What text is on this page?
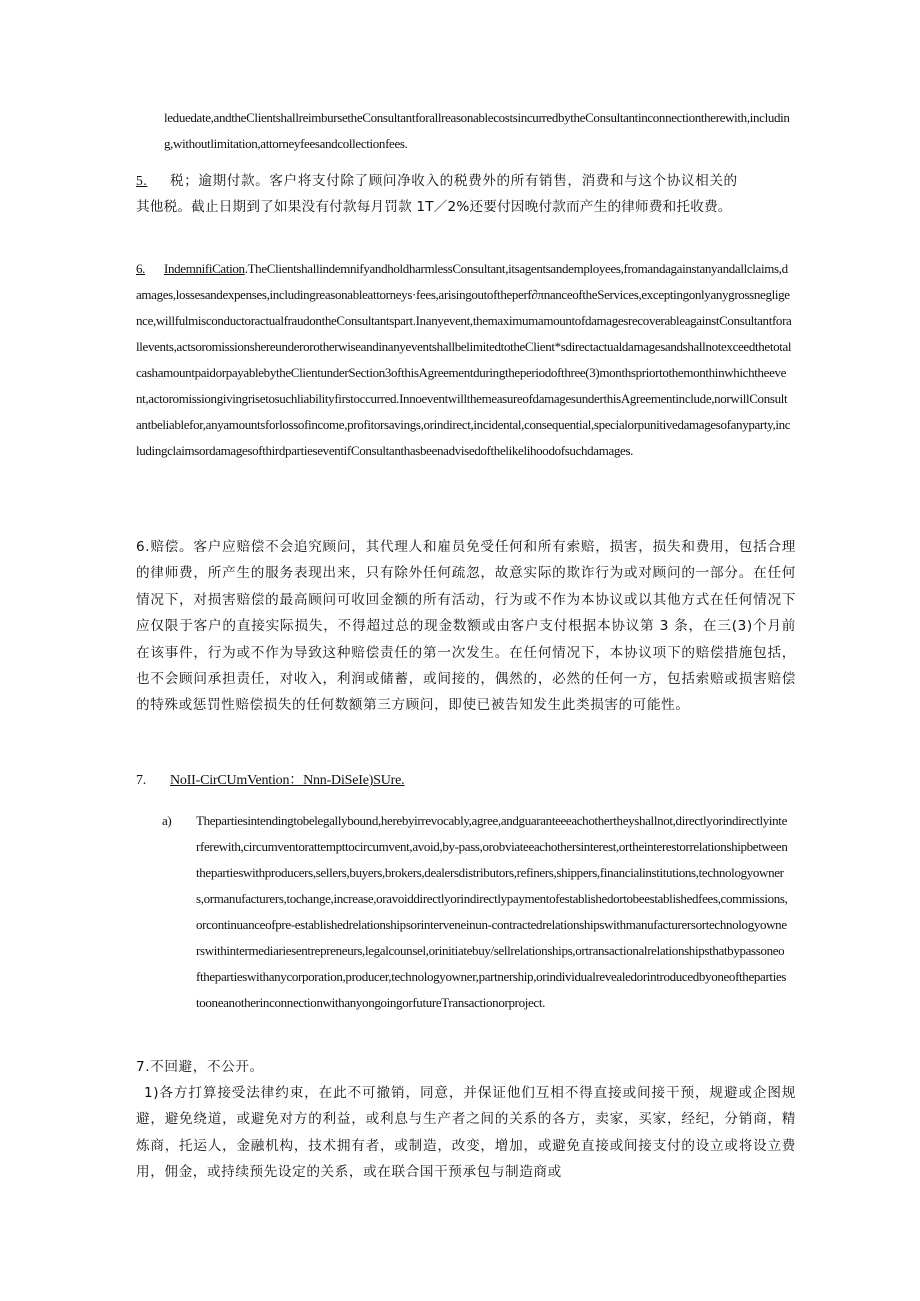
leduedate,andtheClientshallreimbursetheConsultantforallreasonablecostsincurredbytheConsultantinconnectiontherewith,including,withoutlimitation,attorneyfeesandcollectionfees.

5. 税；逾期付款。客户将支付除了顾问净收入的税费外的所有销售，消费和与这个协议相关的

其他税。截止日期到了如果没有付款每月罚款 1T／2%还要付因晚付款而产生的律师费和托收费。

6. IndemnifiCation.TheClientshallindemnifyandholdharmlessConsultant,itsagentsandemployees,fromandagainstanyandallclaims,damages,lossesandexpenses,includingreasonableattorneys·fees,arisingoutoftheperf∂πnanceoftheServices,exceptingonlyanygrossnegligence,willfulmisconductoractualfraudontheConsultantspart.Inanyevent,themaximumamountofdamagesrecoverableagainstConsultantforallevents,actsoromissionshereunderorotherwiseandinanyeventshallbelimitedtotheClient*sdirectactualdamagesandshallnotexceedthetotalcashamountpaidorpayablebytheClientunderSection3ofthisAgreementduringtheperiodofthree(3)monthspriortothemonthinwhichtheevent,actoromissiongivingrisetosuchliabilityfirstoccurred.InnoeventwillthemeasureofdamagesunderthisAgreementinclude,norwillConsultantbeliablefor,anyamountsforlossofincome,profitorsavings,orindirect,incidental,consequential,specialorpunitivedamagesofanyparty,includingclaimsordamagesofthirdpartieseventifConsultanthasbeenadvisedofthelikelihoodofsuchdamages.

6.赔偿。客户应赔偿不会追究顾问，其代理人和雇员免受任何和所有索赔，损害，损失和费用，包括合理的律师费，所产生的服务表现出来，只有除外任何疏忽，故意实际的欺诈行为或对顾问的一部分。在任何情况下，对损害赔偿的最高顾问可收回金额的所有活动，行为或不作为本协议或以其他方式在任何情况下应仅限于客户的直接实际损失，不得超过总的现金数额或由客户支付根据本协议第 3 条，在三(3)个月前在该事件，行为或不作为导致这种赔偿责任的第一次发生。在任何情况下，本协议项下的赔偿措施包括，也不会顾问承担责任，对收入，利润或储蓄，或间接的，偶然的，必然的任何一方，包括索赔或损害赔偿的特殊或惩罚性赔偿损失的任何数额第三方顾问，即使已被告知发生此类损害的可能性。

7. NoII-CirCUmVention：Nnn-DiSeIe)SUre.

a) Thepartiesintendingtobelegallybound,herebyirrevocably,agree,andguaranteeeachothertheyshallnot,directlyorindirectlyinterferewith,circumventorattempttocircumvent,avoid,by-pass,orobviateeachothersinterest,ortheinterestorrelationshipbetweenthepartieswithproducers,sellers,buyers,brokers,dealersdistributors,refiners,shippers,financialinstitutions,technologyowners,ormanufacturers,tochange,increase,oravoiddirectlyorindirectlypaymentofestablishedortobeestablishedfees,commissions,orcontinuanceofpre-establishedrelationshipsorinterveneinun-contractedrelationshipswithmanufacturersortechnologyownerswithintermediariesentrepreneurs,legalcounsel,orinitiatebuy/sellrelationships,ortransactionalrelationshipsthatbypassoneofthepartieswithanycorporation,producer,technologyowner,partnership,orindividualrevealedorintroducedbyoneofthepartiestooneanotherinconnectionwithanyongoingorfutureTransactionorproject.

7.不回避，不公开。

1)各方打算接受法律约束，在此不可撤销，同意，并保证他们互相不得直接或间接干预，规避或企图规避，避免绕道，或避免对方的利益，或利息与生产者之间的关系的各方，卖家，买家，经纪，分销商，精炼商，托运人，金融机构，技术拥有者，或制造，改变，增加，或避免直接或间接支付的设立或将设立费用，佣金，或持续预先设定的关系，或在联合国干预承包与制造商或
